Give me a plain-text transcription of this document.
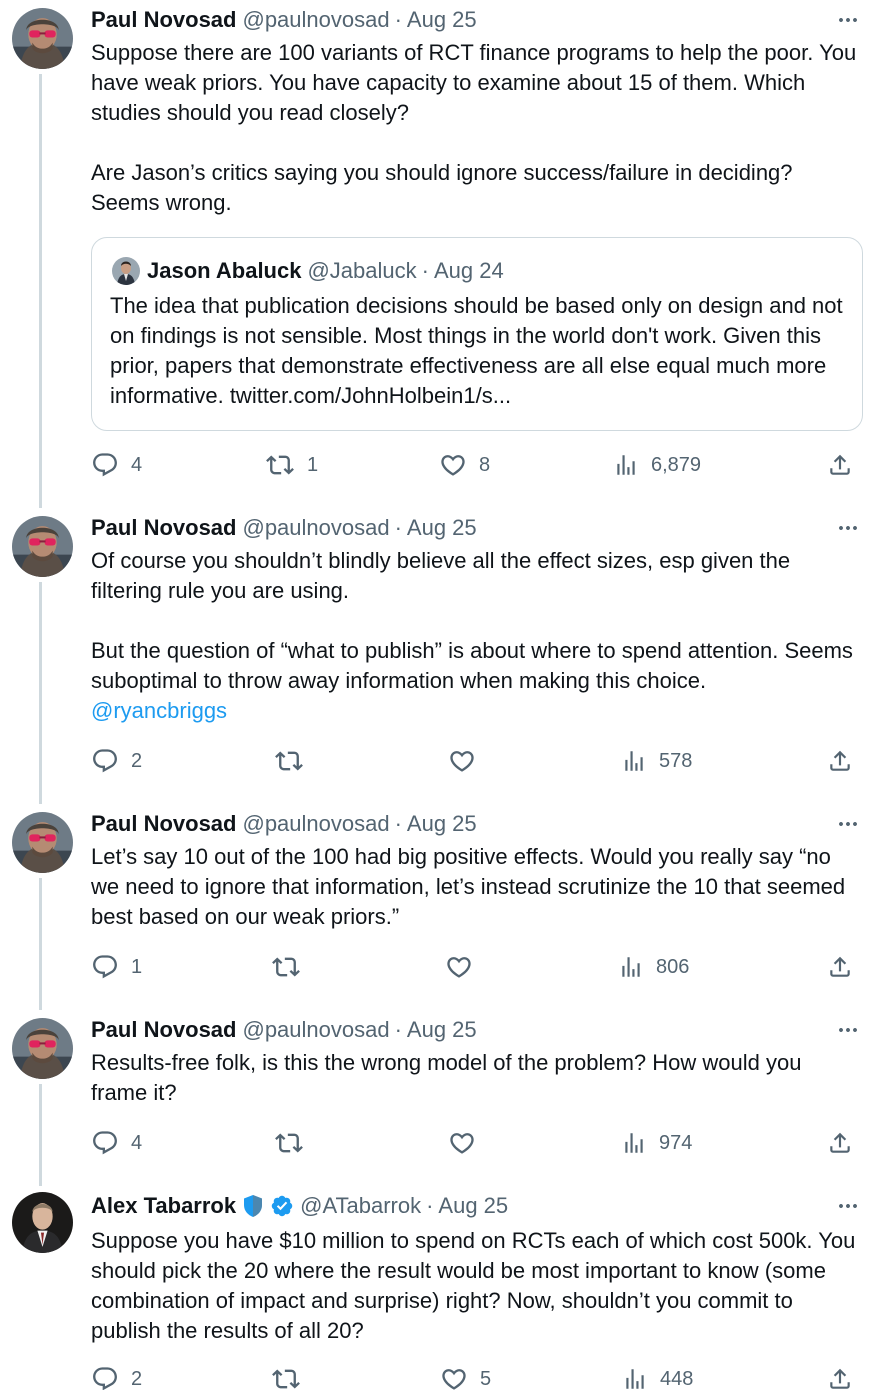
Paul Novosad @paulnovosad · Aug 25

Suppose there are 100 variants of RCT finance programs to help the poor. You have weak priors. You have capacity to examine about 15 of them. Which studies should you read closely?

Are Jason’s critics saying you should ignore success/failure in deciding? Seems wrong.

Jason Abaluck @Jabaluck · Aug 24
The idea that publication decisions should be based only on design and not on findings is not sensible. Most things in the world don't work. Given this prior, papers that demonstrate effectiveness are all else equal much more informative. twitter.com/JohnHolbein1/s...
4	1	8	6,879
Paul Novosad @paulnovosad · Aug 25

Of course you shouldn’t blindly believe all the effect sizes, esp given the filtering rule you are using.

But the question of “what to publish” is about where to spend attention. Seems suboptimal to throw away information when making this choice.

@ryancbriggs
2	578
Paul Novosad @paulnovosad · Aug 25

Let’s say 10 out of the 100 had big positive effects. Would you really say “no we need to ignore that information, let’s instead scrutinize the 10 that seemed best based on our weak priors.”

1	806
Paul Novosad @paulnovosad · Aug 25

Results-free folk, is this the wrong model of the problem? How would you frame it?

4	974
Alex Tabarrok	@ATabarrok · Aug 25

Suppose you have $10 million to spend on RCTs each of which cost 500k. You should pick the 20 where the result would be most important to know (some combination of impact and surprise) right? Now, shouldn’t you commit to publish the results of all 20?

2	5	448
